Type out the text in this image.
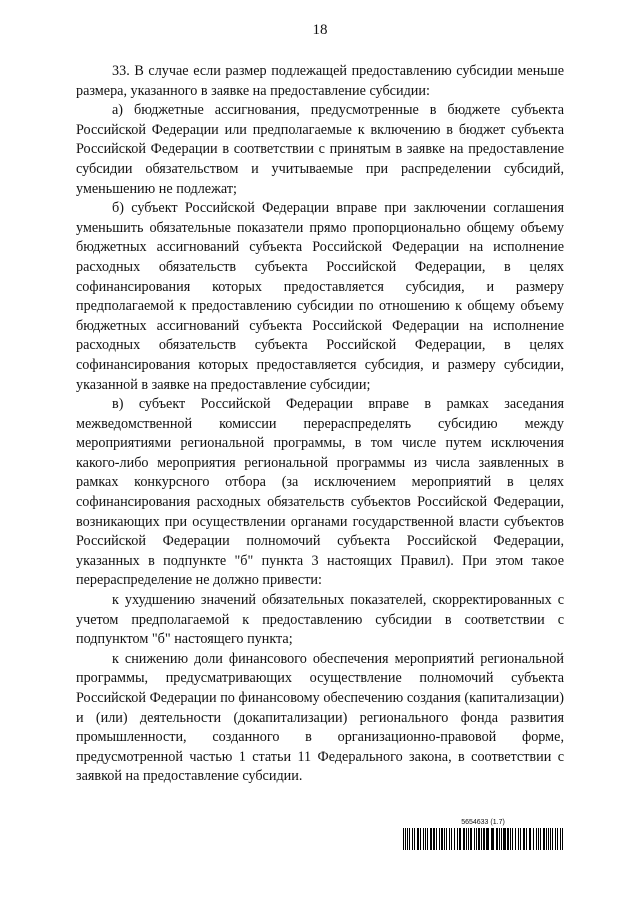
18

33. В случае если размер подлежащей предоставлению субсидии меньше размера, указанного в заявке на предоставление субсидии:

а) бюджетные ассигнования, предусмотренные в бюджете субъекта Российской Федерации или предполагаемые к включению в бюджет субъекта Российской Федерации в соответствии с принятым в заявке на предоставление субсидии обязательством и учитываемые при распределении субсидий, уменьшению не подлежат;

б) субъект Российской Федерации вправе при заключении соглашения уменьшить обязательные показатели прямо пропорционально общему объему бюджетных ассигнований субъекта Российской Федерации на исполнение расходных обязательств субъекта Российской Федерации, в целях софинансирования которых предоставляется субсидия, и размеру предполагаемой к предоставлению субсидии по отношению к общему объему бюджетных ассигнований субъекта Российской Федерации на исполнение расходных обязательств субъекта Российской Федерации, в целях софинансирования которых предоставляется субсидия, и размеру субсидии, указанной в заявке на предоставление субсидии;

в) субъект Российской Федерации вправе в рамках заседания межведомственной комиссии перераспределять субсидию между мероприятиями региональной программы, в том числе путем исключения какого-либо мероприятия региональной программы из числа заявленных в рамках конкурсного отбора (за исключением мероприятий в целях софинансирования расходных обязательств субъектов Российской Федерации, возникающих при осуществлении органами государственной власти субъектов Российской Федерации полномочий субъекта Российской Федерации, указанных в подпункте "б" пункта 3 настоящих Правил). При этом такое перераспределение не должно привести:

к ухудшению значений обязательных показателей, скорректированных с учетом предполагаемой к предоставлению субсидии в соответствии с подпунктом "б" настоящего пункта;

к снижению доли финансового обеспечения мероприятий региональной программы, предусматривающих осуществление полномочий субъекта Российской Федерации по финансовому обеспечению создания (капитализации) и (или) деятельности (докапитализации) регионального фонда развития промышленности, созданного в организационно-правовой форме, предусмотренной частью 1 статьи 11 Федерального закона, в соответствии с заявкой на предоставление субсидии.

5654633 (1.7)
